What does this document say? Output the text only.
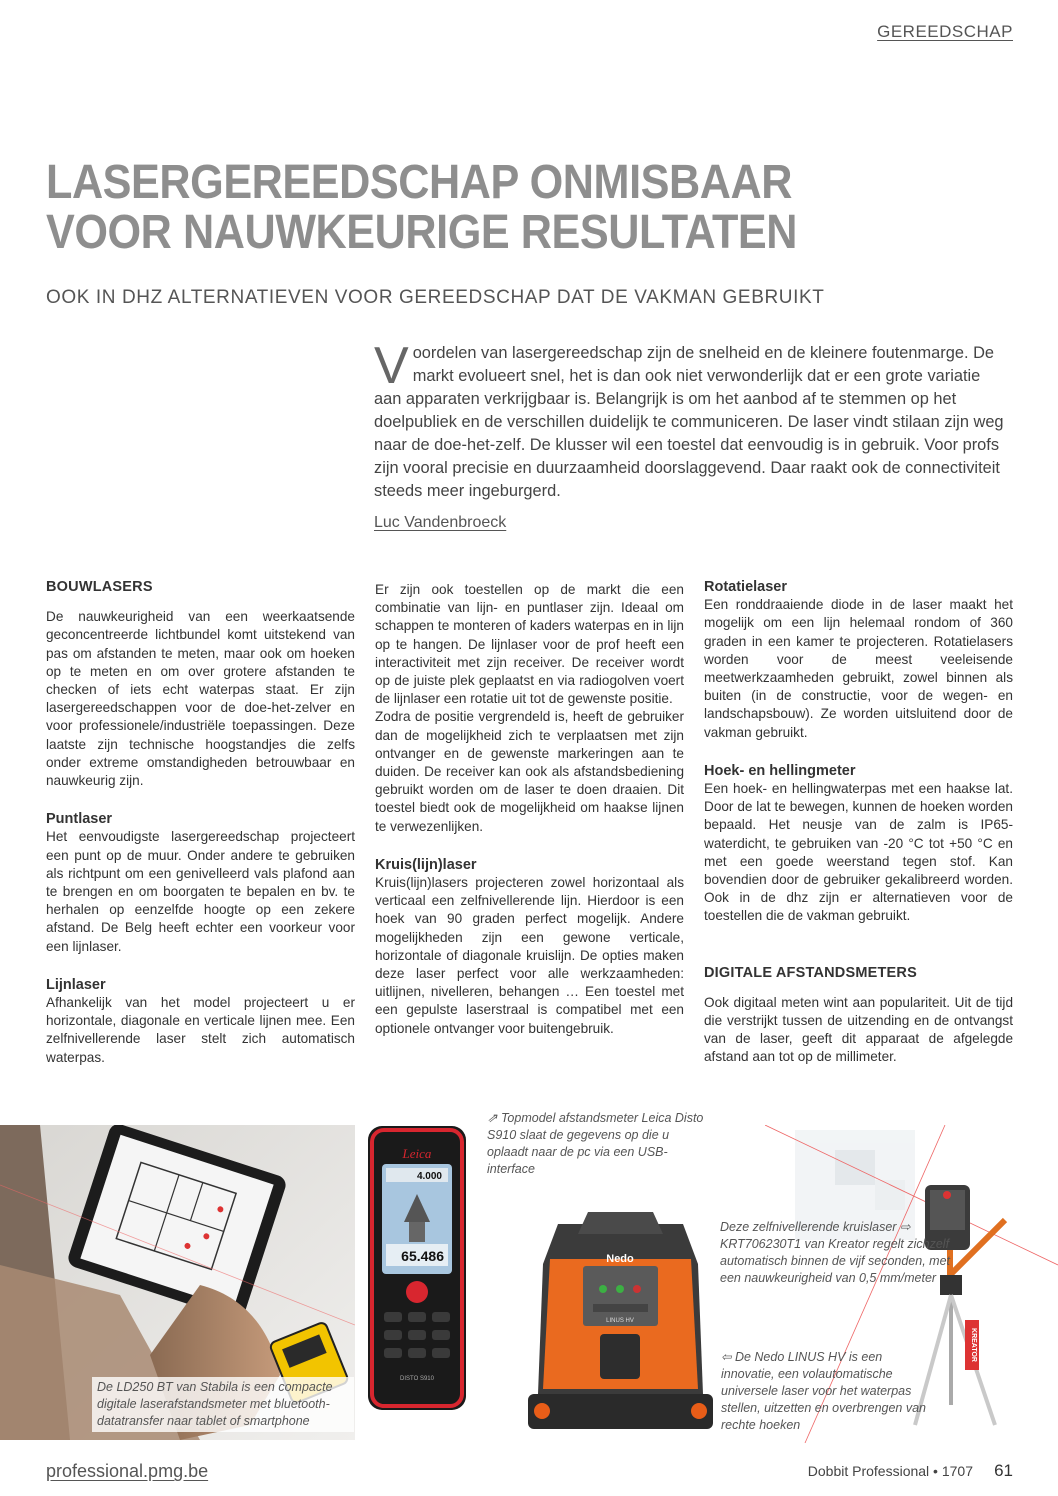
GEREEDSCHAP
LASERGEREEDSCHAP ONMISBAAR
VOOR NAUWKEURIGE RESULTATEN
OOK IN DHZ ALTERNATIEVEN VOOR GEREEDSCHAP DAT DE VAKMAN GEBRUIKT
Voordelen van lasergereedschap zijn de snelheid en de kleinere foutenmarge. De markt evolueert snel, het is dan ook niet verwonderlijk dat er een grote variatie aan apparaten verkrijgbaar is. Belangrijk is om het aanbod af te stemmen op het doelpubliek en de verschillen duidelijk te communiceren. De laser vindt stilaan zijn weg naar de doe-het-zelf. De klusser wil een toestel dat eenvoudig is in gebruik. Voor profs zijn vooral precisie en duurzaamheid doorslaggevend. Daar raakt ook de connectiviteit steeds meer ingeburgerd.
Luc Vandenbroeck
BOUWLASERS

De nauwkeurigheid van een weerkaatsende geconcentreerde lichtbundel komt uitstekend van pas om afstanden te meten, maar ook om hoeken op te meten en om over grotere afstanden te checken of iets echt waterpas staat. Er zijn lasergereedschappen voor de doe-het-zelver en voor professionele/industriële toepassingen. Deze laatste zijn technische hoogstandjes die zelfs onder extreme omstandigheden betrouwbaar en nauwkeurig zijn.

Puntlaser

Het eenvoudigste lasergereedschap projecteert een punt op de muur. Onder andere te gebruiken als richtpunt om een genivelleerd vals plafond aan te brengen en om boorgaten te bepalen en bv. te herhalen op eenzelfde hoogte op een zekere afstand. De Belg heeft echter een voorkeur voor een lijnlaser.

Lijnlaser

Afhankelijk van het model projecteert u er horizontale, diagonale en verticale lijnen mee. Een zelfnivellerende laser stelt zich automatisch waterpas.

Er zijn ook toestellen op de markt die een combinatie van lijn- en puntlaser zijn. Ideaal om schappen te monteren of kaders waterpas en in lijn op te hangen. De lijnlaser voor de prof heeft een interactiviteit met zijn receiver. De receiver wordt op de juiste plek geplaatst en via radiogolven voert de lijnlaser een rotatie uit tot de gewenste positie.

Zodra de positie vergrendeld is, heeft de gebruiker dan de mogelijkheid zich te verplaatsen met zijn ontvanger en de gewenste markeringen aan te duiden. De receiver kan ook als afstandsbediening gebruikt worden om de laser te doen draaien. Dit toestel biedt ook de mogelijkheid om haakse lijnen te verwezenlijken.

Kruis(lijn)laser

Kruis(lijn)lasers projecteren zowel horizontaal als verticaal een zelfnivellerende lijn. Hierdoor is een hoek van 90 graden perfect mogelijk. Andere mogelijkheden zijn een gewone verticale, horizontale of diagonale kruislijn. De opties maken deze laser perfect voor alle werkzaamheden: uitlijnen, nivelleren, behangen … Een toestel met een gepulste laserstraal is compatibel met een optionele ontvanger voor buitengebruik.

Rotatielaser

Een ronddraaiende diode in de laser maakt het mogelijk om een lijn helemaal rondom of 360 graden in een kamer te projecteren. Rotatielasers worden voor de meest veeleisende meetwerkzaamheden gebruikt, zowel binnen als buiten (in de constructie, voor de wegen- en landschapsbouw). Ze worden uitsluitend door de vakman gebruikt.

Hoek- en hellingmeter

Een hoek- en hellingwaterpas met een haakse lat. Door de lat te bewegen, kunnen de hoeken worden bepaald. Het neusje van de zalm is IP65-waterdicht, te gebruiken van -20 °C tot +50 °C en met een goede weerstand tegen stof. Kan bovendien door de gebruiker gekalibreerd worden. Ook in de dhz zijn er alternatieven voor de toestellen die de vakman gebruikt.

DIGITALE AFSTANDSMETERS

Ook digitaal meten wint aan populariteit. Uit de tijd die verstrijkt tussen de uitzending en de ontvangst van de laser, geeft dit apparaat de afgelegde afstand aan tot op de millimeter.

De LD250 BT van Stabila is een compacte digitale laserafstandsmeter met bluetooth-datatransfer naar tablet of smartphone
Leica
4.000
65.486
DISTO S910
⇗ Topmodel afstandsmeter Leica Disto S910 slaat de gegevens op die u oplaadt naar de pc via een USB-interface
Nedo
LINUS HV
KREATOR
Deze zelfnivellerende kruislaser ⇨ KRT706230T1 van Kreator regelt zichzelf automatisch binnen de vijf seconden, met een nauwkeurigheid van 0,5 mm/meter
⇦ De Nedo LINUS HV is een innovatie, een volautomatische universele laser voor het waterpas stellen, uitzetten en overbrengen van rechte hoeken
professional.pmg.be	Dobbit Professional • 1707 61
